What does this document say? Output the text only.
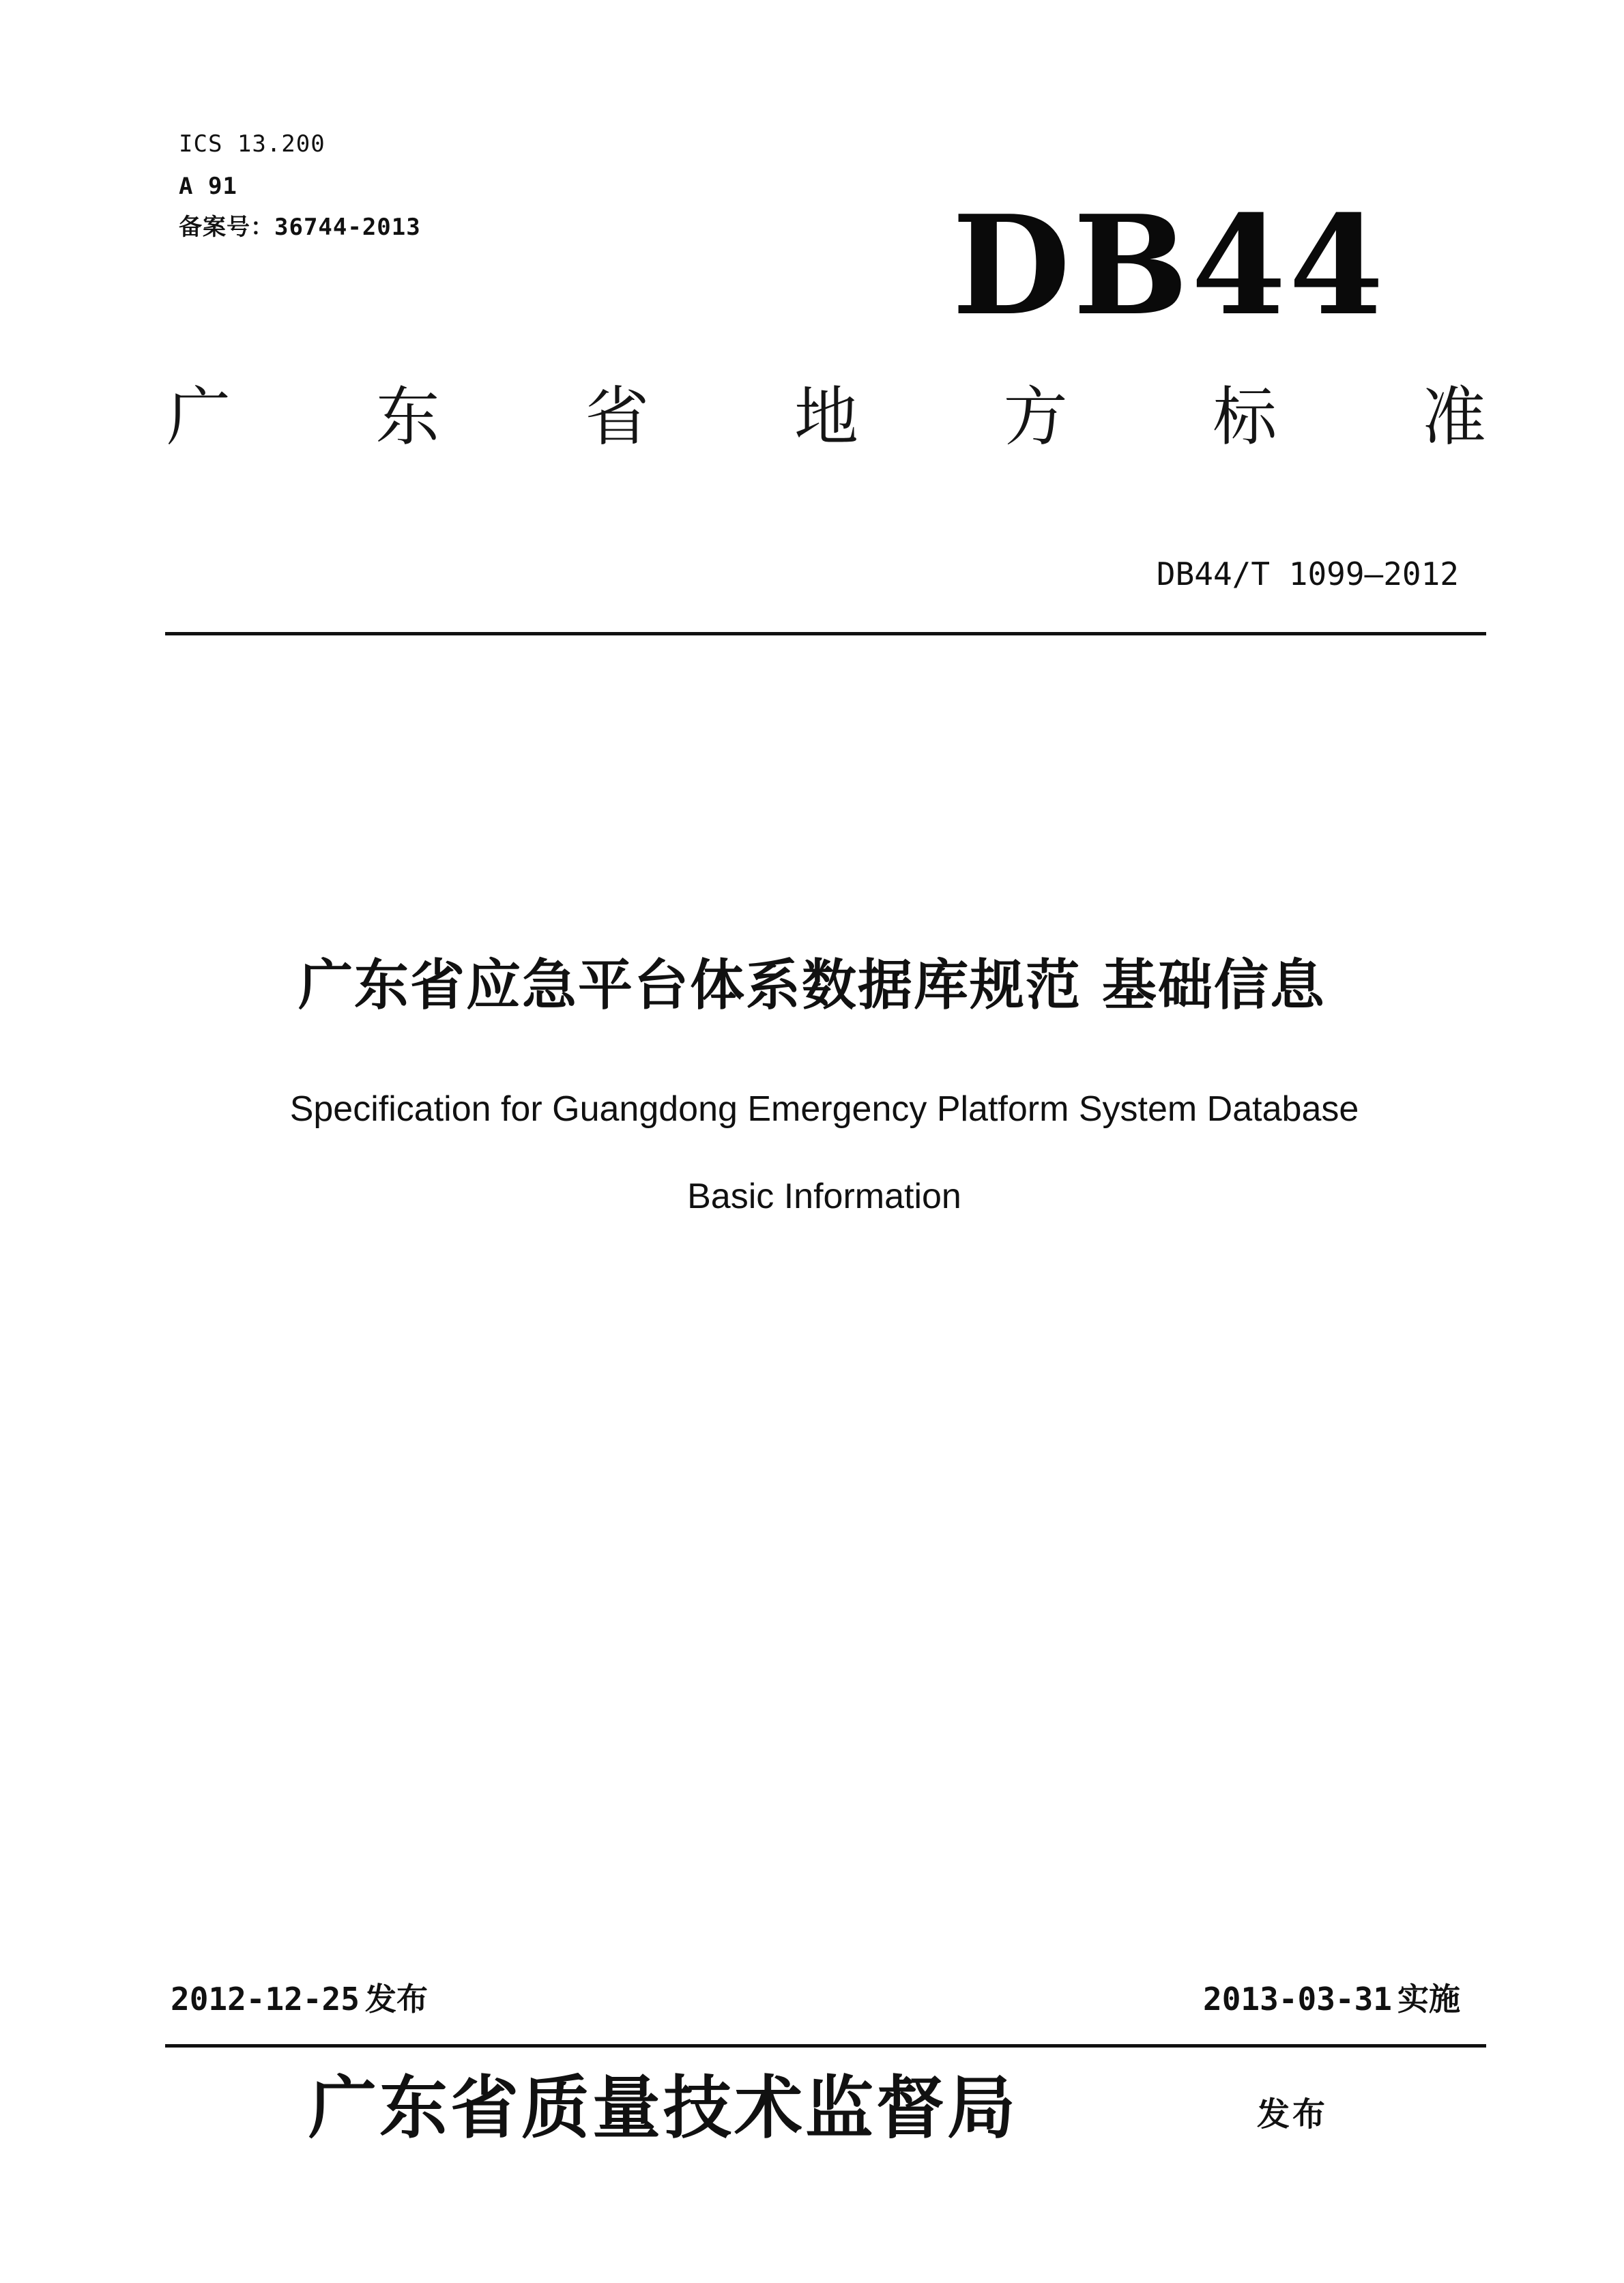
ICS 13.200
A 91
备案号：36744-2013	DB44
广 东 省 地 方 标 准
DB44/T 1099—2012
广东省应急平台体系数据库规范 基础信息
Specification for Guangdong Emergency Platform System Database
Basic Information
2012-12-25 发布	2013-03-31 实施
广东省质量技术监督局	发布
